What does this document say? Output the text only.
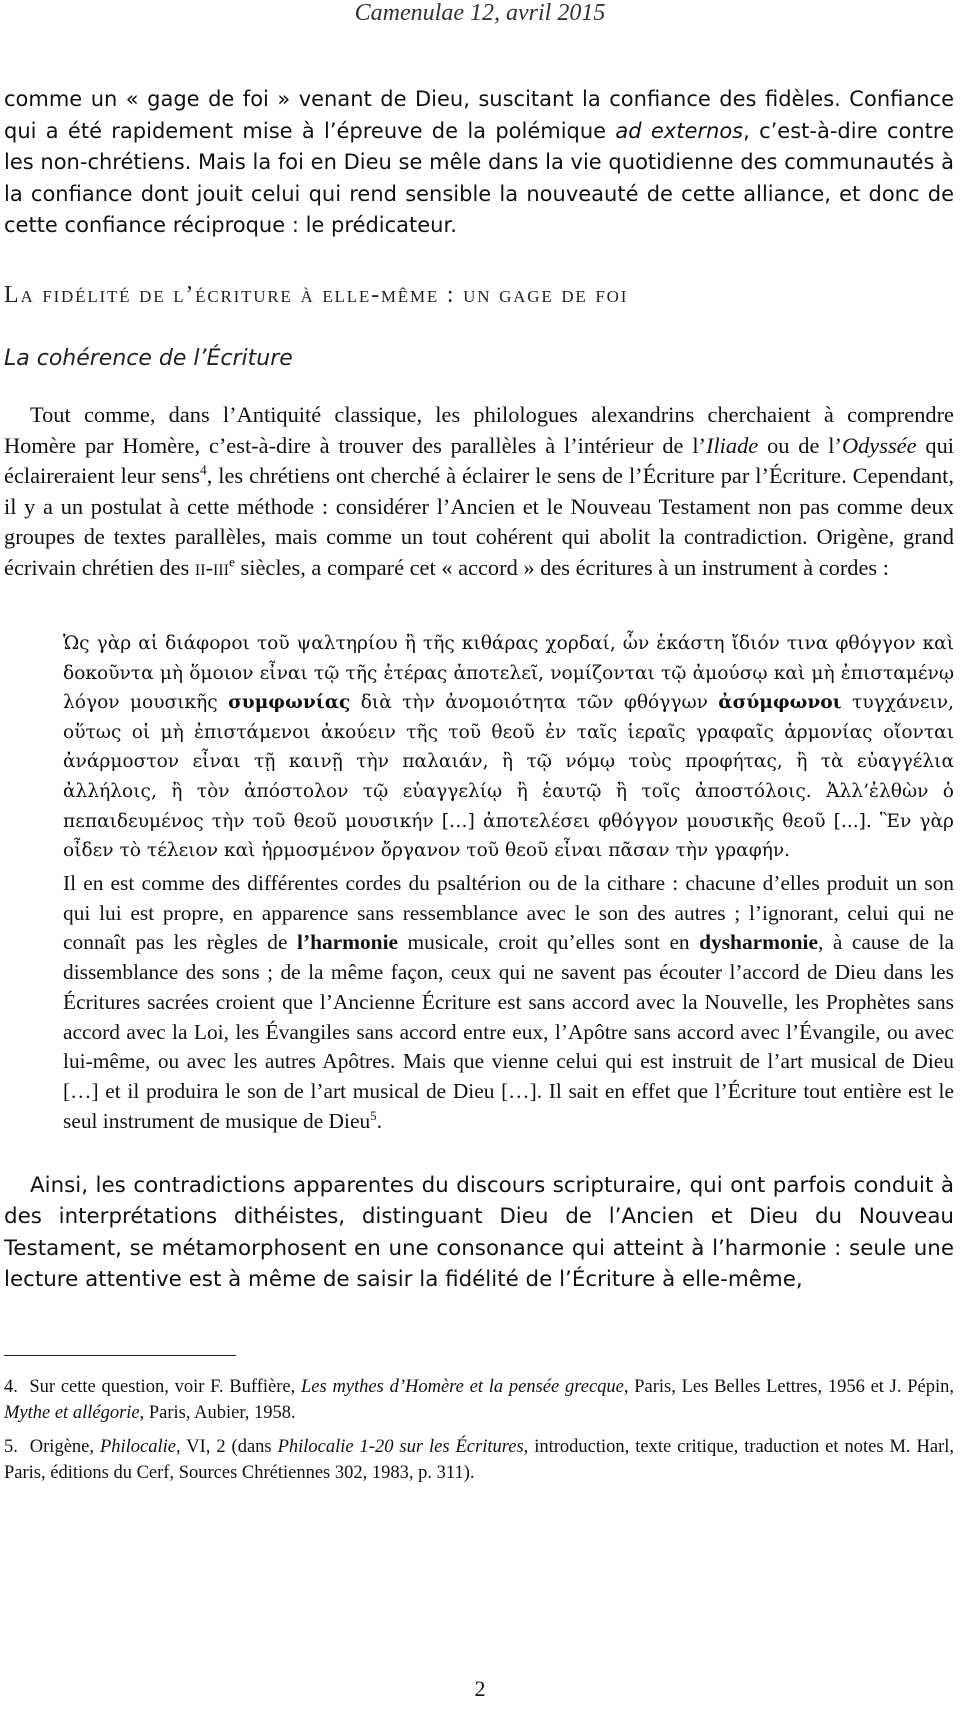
Camenulae 12, avril 2015

comme un « gage de foi » venant de Dieu, suscitant la confiance des fidèles. Confiance qui a été rapidement mise à l’épreuve de la polémique ad externos, c’est-à-dire contre les non-chrétiens. Mais la foi en Dieu se mêle dans la vie quotidienne des communautés à la confiance dont jouit celui qui rend sensible la nouveauté de cette alliance, et donc de cette confiance réciproque : le prédicateur.

La fidélité de l’écriture à elle-même : un gage de foi
La cohérence de l’Écriture

Tout comme, dans l’Antiquité classique, les philologues alexandrins cherchaient à comprendre Homère par Homère, c’est-à-dire à trouver des parallèles à l’intérieur de l’Iliade ou de l’Odyssée qui éclaireraient leur sens$^4$, les chrétiens ont cherché à éclairer le sens de l’Écriture par l’Écriture. Cependant, il y a un postulat à cette méthode : considérer l’Ancien et le Nouveau Testament non pas comme deux groupes de textes parallèles, mais comme un tout cohérent qui abolit la contradiction. Origène, grand écrivain chrétien des ii-iii$^e$ siècles, a comparé cet « accord » des écritures à un instrument à cordes :

Ὡς γὰρ αἱ διάφοροι τοῦ ψαλτηρίου ἢ τῆς κιθάρας χορδαί, ὧν ἑκάστη ἴδιόν τινα φθόγγον καὶ δοκοῦντα μὴ ὅμοιον εἶναι τῷ τῆς ἑτέρας ἀποτελεῖ, νομίζονται τῷ ἀμούσῳ καὶ μὴ ἐπισταμένῳ λόγον μουσικῆς συμφωνίας διὰ τὴν ἀνομοιότητα τῶν φθόγγων ἀσύμφωνοι τυγχάνειν, οὕτως οἱ μὴ ἐπιστάμενοι ἀκούειν τῆς τοῦ θεοῦ ἐν ταῖς ἱεραῖς γραφαῖς ἁρμονίας οἴονται ἀνάρμοστον εἶναι τῇ καινῇ τὴν παλαιάν, ἢ τῷ νόμῳ τοὺς προφήτας, ἢ τὰ εὐαγγέλια ἀλλήλοις, ἢ τὸν ἀπόστολον τῷ εὐαγγελίῳ ἢ ἑαυτῷ ἢ τοῖς ἀποστόλοις. Ἀλλ’ἐλθὼν ὁ πεπαιδευμένος τὴν τοῦ θεοῦ μουσικήν […] ἀποτελέσει φθόγγον μουσικῆς θεοῦ [...]. Ἓν γὰρ οἶδεν τὸ τέλειον καὶ ἡρμοσμένον ὄργανον τοῦ θεοῦ εἶναι πᾶσαν τὴν γραφήν.

Il en est comme des différentes cordes du psaltérion ou de la cithare : chacune d’elles produit un son qui lui est propre, en apparence sans ressemblance avec le son des autres ; l’ignorant, celui qui ne connaît pas les règles de l’harmonie musicale, croit qu’elles sont en dysharmonie, à cause de la dissemblance des sons ; de la même façon, ceux qui ne savent pas écouter l’accord de Dieu dans les Écritures sacrées croient que l’Ancienne Écriture est sans accord avec la Nouvelle, les Prophètes sans accord avec la Loi, les Évangiles sans accord entre eux, l’Apôtre sans accord avec l’Évangile, ou avec lui-même, ou avec les autres Apôtres. Mais que vienne celui qui est instruit de l’art musical de Dieu […] et il produira le son de l’art musical de Dieu […]. Il sait en effet que l’Écriture tout entière est le seul instrument de musique de Dieu$^5$.

Ainsi, les contradictions apparentes du discours scripturaire, qui ont parfois conduit à des interprétations dithéistes, distinguant Dieu de l’Ancien et Dieu du Nouveau Testament, se métamorphosent en une consonance qui atteint à l’harmonie : seule une lecture attentive est à même de saisir la fidélité de l’Écriture à elle-même,

4. Sur cette question, voir F. Buffière, Les mythes d’Homère et la pensée grecque, Paris, Les Belles Lettres, 1956 et J. Pépin, Mythe et allégorie, Paris, Aubier, 1958.

5. Origène, Philocalie, VI, 2 (dans Philocalie 1-20 sur les Écritures, introduction, texte critique, traduction et notes M. Harl, Paris, éditions du Cerf, Sources Chrétiennes 302, 1983, p. 311).

2
